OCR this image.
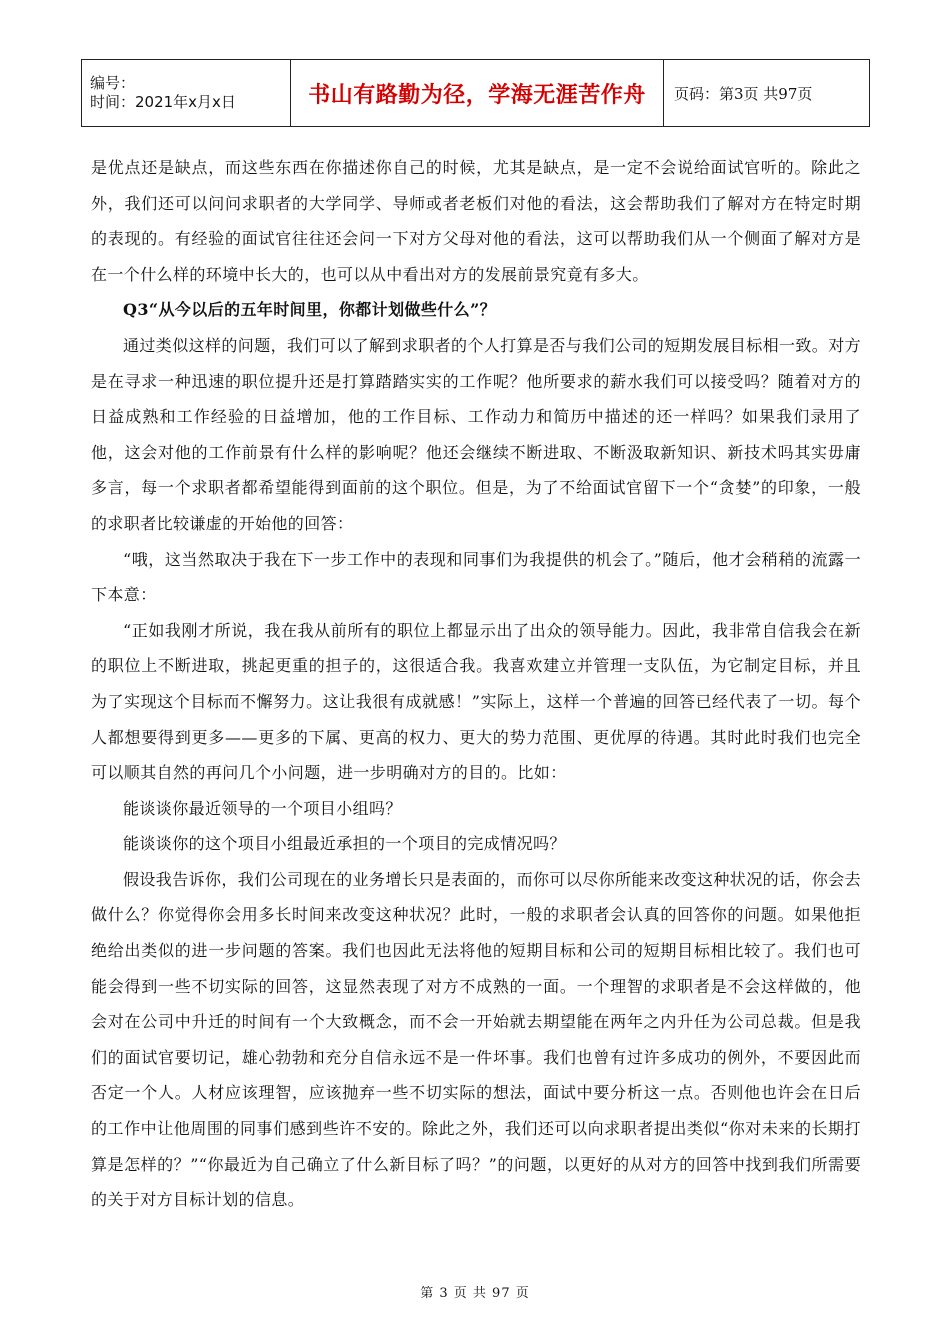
编号：
时间：2021年x月x日	书山有路勤为径，学海无涯苦作舟	页码：第3页 共97页

是优点还是缺点，而这些东西在你描述你自己的时候，尤其是缺点，是一定不会说给面试官听的。除此之外，我们还可以问问求职者的大学同学、导师或者老板们对他的看法，这会帮助我们了解对方在特定时期的表现的。有经验的面试官往往还会问一下对方父母对他的看法，这可以帮助我们从一个侧面了解对方是在一个什么样的环境中长大的，也可以从中看出对方的发展前景究竟有多大。

Q3“从今以后的五年时间里，你都计划做些什么”？

通过类似这样的问题，我们可以了解到求职者的个人打算是否与我们公司的短期发展目标相一致。对方是在寻求一种迅速的职位提升还是打算踏踏实实的工作呢？他所要求的薪水我们可以接受吗？随着对方的日益成熟和工作经验的日益增加，他的工作目标、工作动力和简历中描述的还一样吗？如果我们录用了他，这会对他的工作前景有什么样的影响呢？他还会继续不断进取、不断汲取新知识、新技术吗其实毋庸多言，每一个求职者都希望能得到面前的这个职位。但是，为了不给面试官留下一个“贪婪”的印象，一般的求职者比较谦虚的开始他的回答：

“哦，这当然取决于我在下一步工作中的表现和同事们为我提供的机会了。”随后，他才会稍稍的流露一下本意：

“正如我刚才所说，我在我从前所有的职位上都显示出了出众的领导能力。因此，我非常自信我会在新的职位上不断进取，挑起更重的担子的，这很适合我。我喜欢建立并管理一支队伍，为它制定目标，并且为了实现这个目标而不懈努力。这让我很有成就感！”实际上，这样一个普遍的回答已经代表了一切。每个人都想要得到更多——更多的下属、更高的权力、更大的势力范围、更优厚的待遇。其时此时我们也完全可以顺其自然的再问几个小问题，进一步明确对方的目的。比如：

能谈谈你最近领导的一个项目小组吗？

能谈谈你的这个项目小组最近承担的一个项目的完成情况吗？

假设我告诉你，我们公司现在的业务增长只是表面的，而你可以尽你所能来改变这种状况的话，你会去做什么？你觉得你会用多长时间来改变这种状况？此时，一般的求职者会认真的回答你的问题。如果他拒绝给出类似的进一步问题的答案。我们也因此无法将他的短期目标和公司的短期目标相比较了。我们也可能会得到一些不切实际的回答，这显然表现了对方不成熟的一面。一个理智的求职者是不会这样做的，他会对在公司中升迁的时间有一个大致概念，而不会一开始就去期望能在两年之内升任为公司总裁。但是我们的面试官要切记，雄心勃勃和充分自信永远不是一件坏事。我们也曾有过许多成功的例外，不要因此而否定一个人。人材应该理智，应该抛弃一些不切实际的想法，面试中要分析这一点。否则他也许会在日后的工作中让他周围的同事们感到些许不安的。除此之外，我们还可以向求职者提出类似“你对未来的长期打算是怎样的？”“你最近为自己确立了什么新目标了吗？”的问题，以更好的从对方的回答中找到我们所需要的关于对方目标计划的信息。

第 3 页 共 97 页
